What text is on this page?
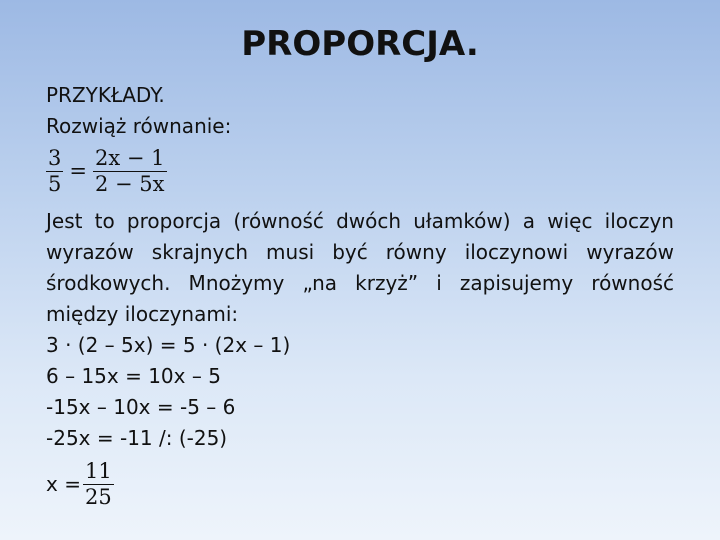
PROPORCJA.
PRZYKŁADY.
Rozwiąż równanie:
$\frac{3}{5} = \frac{2x - 1}{2 - 5x}$
Jest to proporcja (równość dwóch ułamków) a więc iloczyn wyrazów skrajnych musi być równy iloczynowi wyrazów środkowych. Mnożymy „na krzyż” i zapisujemy równość między iloczynami:
3 · (2 – 5x) = 5 · (2x – 1)
6 – 15x = 10x – 5
-15x – 10x = -5 – 6
-25x = -11 /: (-25)
$x = \frac{11}{25}$
